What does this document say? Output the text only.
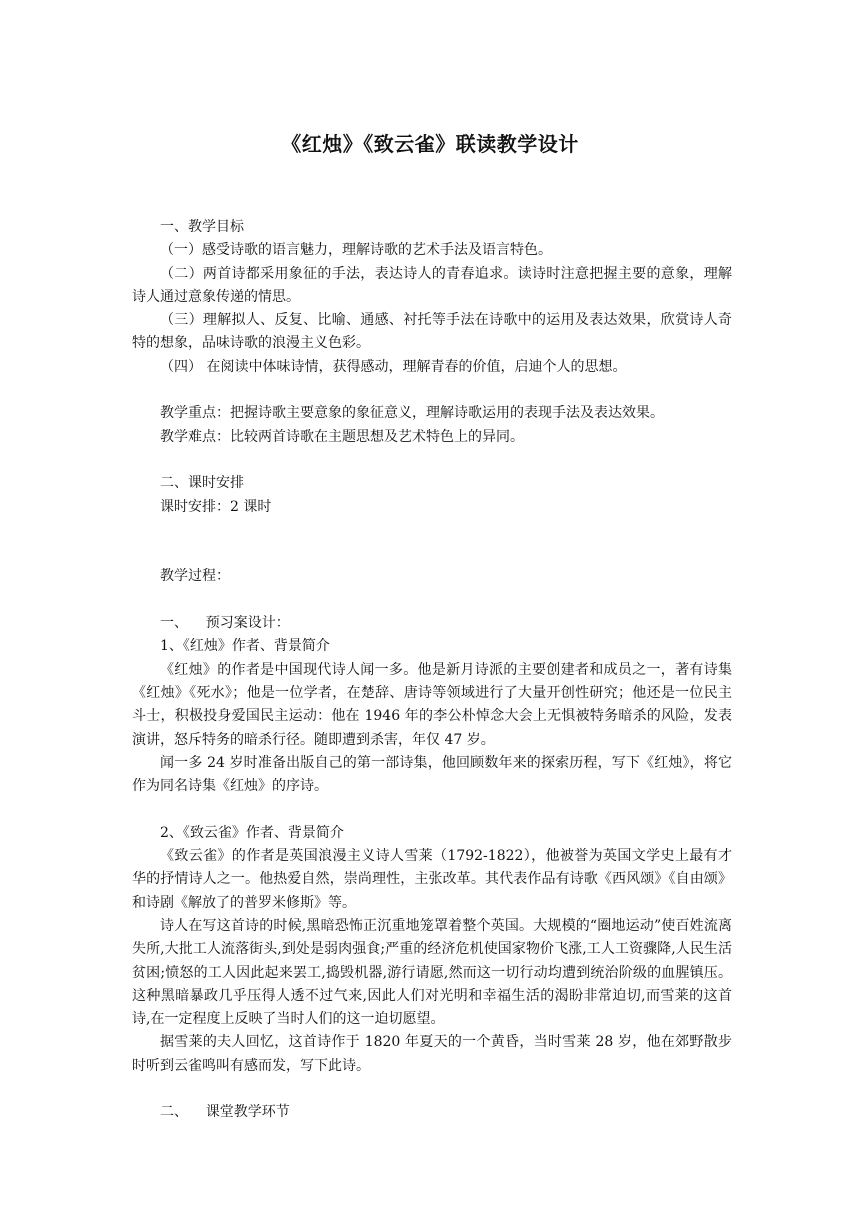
《红烛》《致云雀》联读教学设计

一、教学目标

（一）感受诗歌的语言魅力，理解诗歌的艺术手法及语言特色。

（二）两首诗都采用象征的手法，表达诗人的青春追求。读诗时注意把握主要的意象，理解诗人通过意象传递的情思。

（三）理解拟人、反复、比喻、通感、衬托等手法在诗歌中的运用及表达效果，欣赏诗人奇特的想象，品味诗歌的浪漫主义色彩。

（四） 在阅读中体味诗情，获得感动，理解青春的价值，启迪个人的思想。

教学重点：把握诗歌主要意象的象征意义，理解诗歌运用的表现手法及表达效果。

教学难点：比较两首诗歌在主题思想及艺术特色上的异同。

二、课时安排

课时安排：2 课时

教学过程：

一、    预习案设计：

1、《红烛》作者、背景简介

《红烛》的作者是中国现代诗人闻一多。他是新月诗派的主要创建者和成员之一，著有诗集《红烛》《死水》；他是一位学者，在楚辞、唐诗等领域进行了大量开创性研究；他还是一位民主斗士，积极投身爱国民主运动：他在 1946 年的李公朴悼念大会上无惧被特务暗杀的风险，发表演讲，怒斥特务的暗杀行径。随即遭到杀害，年仅 47 岁。

闻一多 24 岁时准备出版自己的第一部诗集，他回顾数年来的探索历程，写下《红烛》，将它作为同名诗集《红烛》的序诗。

2、《致云雀》作者、背景简介

《致云雀》的作者是英国浪漫主义诗人雪莱（1792-1822），他被誉为英国文学史上最有才华的抒情诗人之一。他热爱自然，崇尚理性，主张改革。其代表作品有诗歌《西风颂》《自由颂》和诗剧《解放了的普罗米修斯》等。

诗人在写这首诗的时候,黑暗恐怖正沉重地笼罩着整个英国。大规模的“圈地运动”使百姓流离失所,大批工人流落街头,到处是弱肉强食;严重的经济危机使国家物价飞涨,工人工资骤降,人民生活贫困;愤怒的工人因此起来罢工,捣毁机器,游行请愿,然而这一切行动均遭到统治阶级的血腥镇压。这种黑暗暴政几乎压得人透不过气来,因此人们对光明和幸福生活的渴盼非常迫切,而雪莱的这首诗,在一定程度上反映了当时人们的这一迫切愿望。

据雪莱的夫人回忆，这首诗作于 1820 年夏天的一个黄昏，当时雪莱 28 岁，他在郊野散步时听到云雀鸣叫有感而发，写下此诗。

二、    课堂教学环节
